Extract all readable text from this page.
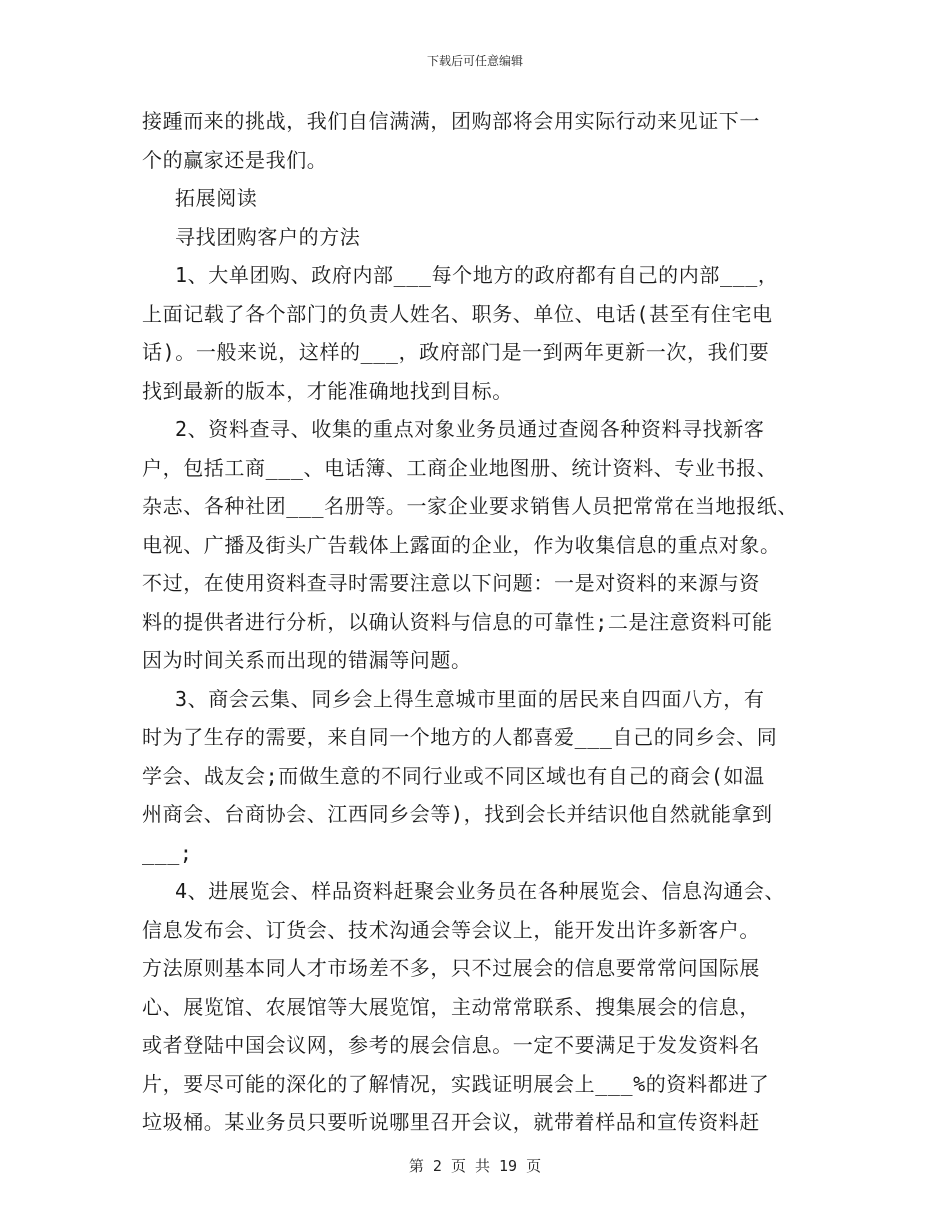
下载后可任意编辑
接踵而来的挑战，我们自信满满，团购部将会用实际行动来见证下一
个的赢家还是我们。
拓展阅读
寻找团购客户的方法
1、大单团购、政府内部___每个地方的政府都有自己的内部___，
上面记载了各个部门的负责人姓名、职务、单位、电话(甚至有住宅电
话)。一般来说，这样的___，政府部门是一到两年更新一次，我们要
找到最新的版本，才能准确地找到目标。
2、资料查寻、收集的重点对象业务员通过查阅各种资料寻找新客
户，包括工商___、电话簿、工商企业地图册、统计资料、专业书报、
杂志、各种社团___名册等。一家企业要求销售人员把常常在当地报纸、
电视、广播及街头广告载体上露面的企业，作为收集信息的重点对象。
不过，在使用资料查寻时需要注意以下问题：一是对资料的来源与资
料的提供者进行分析，以确认资料与信息的可靠性;二是注意资料可能
因为时间关系而出现的错漏等问题。
3、商会云集、同乡会上得生意城市里面的居民来自四面八方，有
时为了生存的需要，来自同一个地方的人都喜爱___自己的同乡会、同
学会、战友会;而做生意的不同行业或不同区域也有自己的商会(如温
州商会、台商协会、江西同乡会等)，找到会长并结识他自然就能拿到
___;
4、进展览会、样品资料赶聚会业务员在各种展览会、信息沟通会、
信息发布会、订货会、技术沟通会等会议上，能开发出许多新客户。
方法原则基本同人才市场差不多，只不过展会的信息要常常问国际展
心、展览馆、农展馆等大展览馆，主动常常联系、搜集展会的信息，
或者登陆中国会议网，参考的展会信息。一定不要满足于发发资料名
片，要尽可能的深化的了解情况，实践证明展会上___%的资料都进了
垃圾桶。某业务员只要听说哪里召开会议，就带着样品和宣传资料赶
第 2 页 共 19 页
